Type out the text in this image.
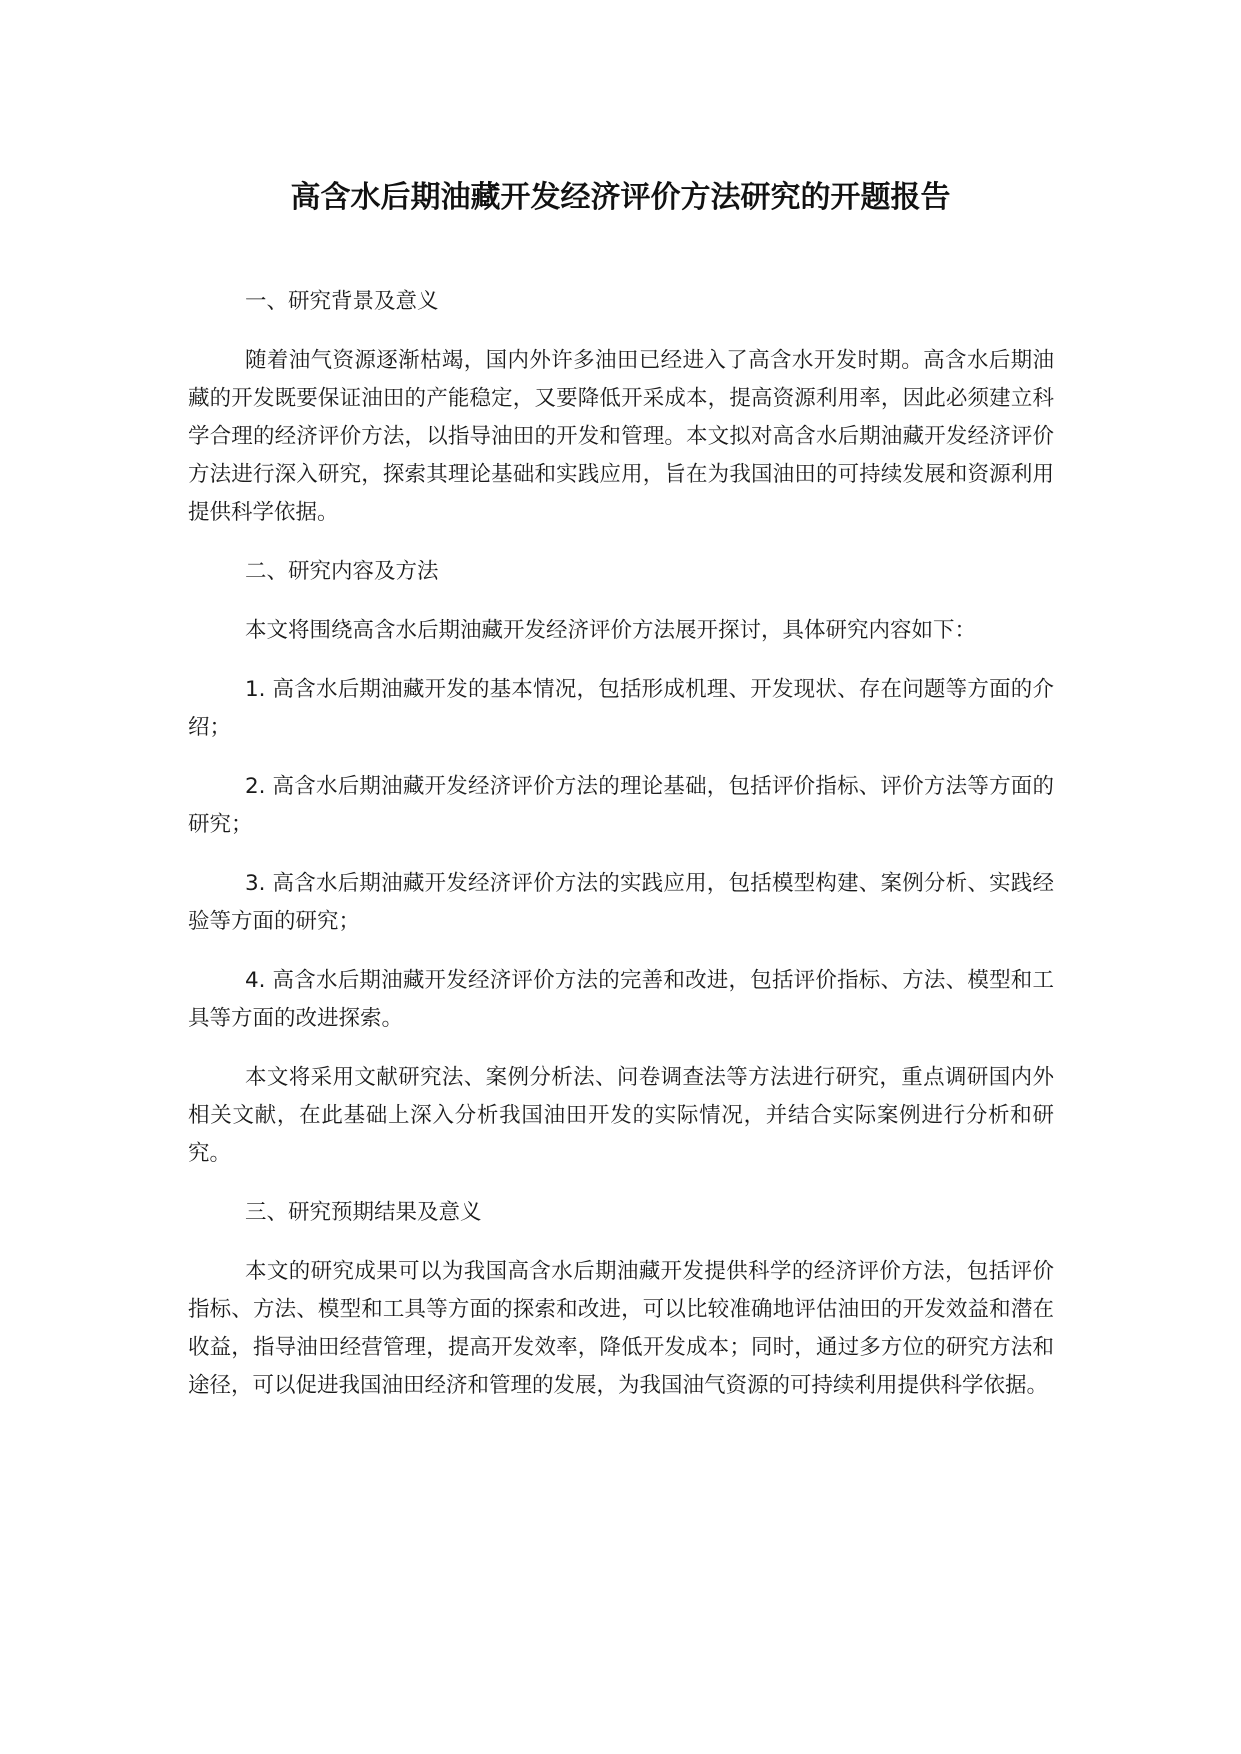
高含水后期油藏开发经济评价方法研究的开题报告
一、研究背景及意义

随着油气资源逐渐枯竭，国内外许多油田已经进入了高含水开发时期。高含水后期油藏的开发既要保证油田的产能稳定，又要降低开采成本，提高资源利用率，因此必须建立科学合理的经济评价方法，以指导油田的开发和管理。本文拟对高含水后期油藏开发经济评价方法进行深入研究，探索其理论基础和实践应用，旨在为我国油田的可持续发展和资源利用提供科学依据。

二、研究内容及方法

本文将围绕高含水后期油藏开发经济评价方法展开探讨，具体研究内容如下：

1. 高含水后期油藏开发的基本情况，包括形成机理、开发现状、存在问题等方面的介绍；

2. 高含水后期油藏开发经济评价方法的理论基础，包括评价指标、评价方法等方面的研究；

3. 高含水后期油藏开发经济评价方法的实践应用，包括模型构建、案例分析、实践经验等方面的研究；

4. 高含水后期油藏开发经济评价方法的完善和改进，包括评价指标、方法、模型和工具等方面的改进探索。

本文将采用文献研究法、案例分析法、问卷调查法等方法进行研究，重点调研国内外相关文献，在此基础上深入分析我国油田开发的实际情况，并结合实际案例进行分析和研究。

三、研究预期结果及意义

本文的研究成果可以为我国高含水后期油藏开发提供科学的经济评价方法，包括评价指标、方法、模型和工具等方面的探索和改进，可以比较准确地评估油田的开发效益和潜在收益，指导油田经营管理，提高开发效率，降低开发成本；同时，通过多方位的研究方法和途径，可以促进我国油田经济和管理的发展，为我国油气资源的可持续利用提供科学依据。
